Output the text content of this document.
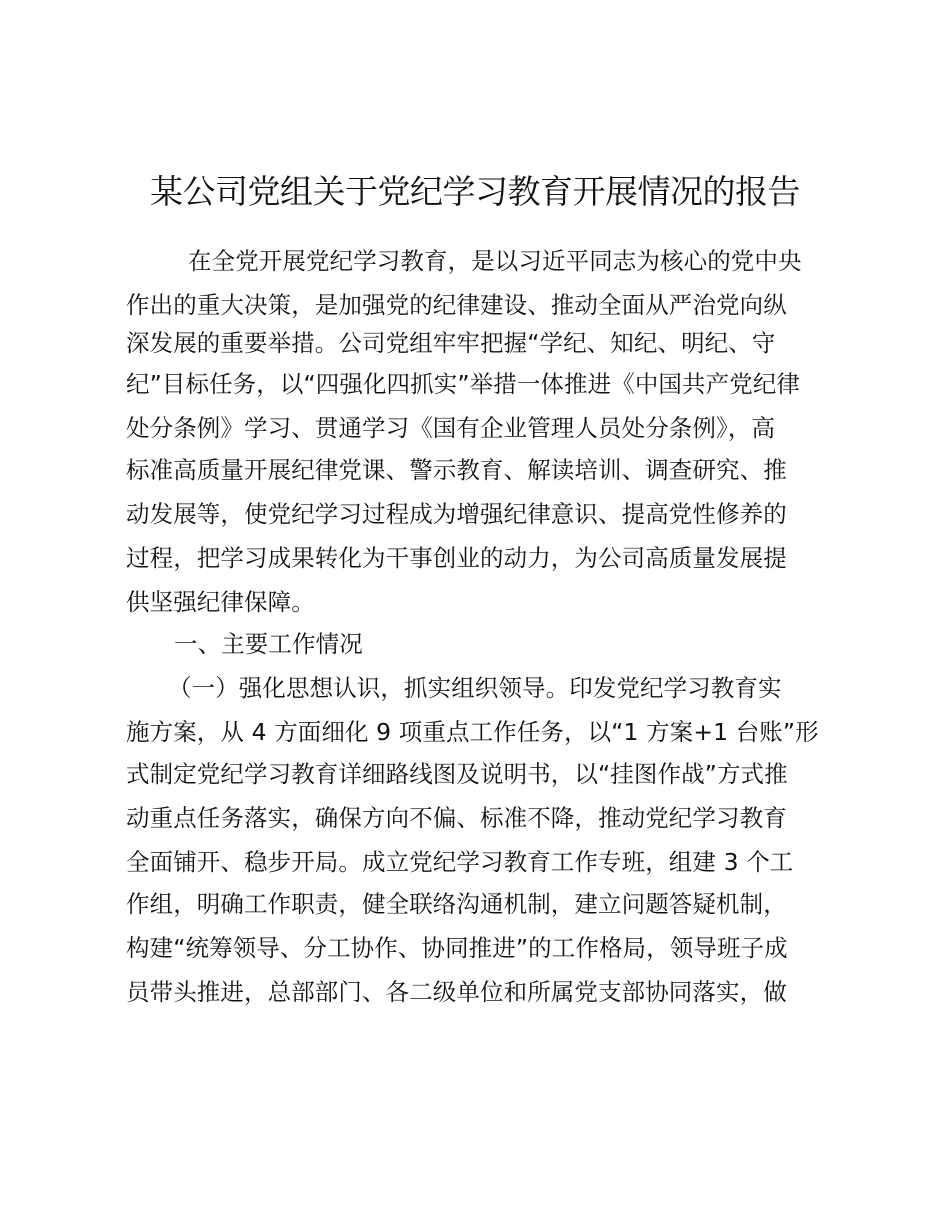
某公司党组关于党纪学习教育开展情况的报告
在全党开展党纪学习教育，是以习近平同志为核心的党中央
作出的重大决策，是加强党的纪律建设、推动全面从严治党向纵
深发展的重要举措。公司党组牢牢把握“学纪、知纪、明纪、守
纪”目标任务，以“四强化四抓实”举措一体推进《中国共产党纪律
处分条例》学习、贯通学习《国有企业管理人员处分条例》，高
标准高质量开展纪律党课、警示教育、解读培训、调查研究、推
动发展等，使党纪学习过程成为增强纪律意识、提高党性修养的
过程，把学习成果转化为干事创业的动力，为公司高质量发展提
供坚强纪律保障。
一、主要工作情况
（一）强化思想认识，抓实组织领导。印发党纪学习教育实
施方案，从 4 方面细化 9 项重点工作任务，以“1 方案+1 台账”形
式制定党纪学习教育详细路线图及说明书，以“挂图作战”方式推
动重点任务落实，确保方向不偏、标准不降，推动党纪学习教育
全面铺开、稳步开局。成立党纪学习教育工作专班，组建 3 个工
作组，明确工作职责，健全联络沟通机制，建立问题答疑机制，
构建“统筹领导、分工协作、协同推进”的工作格局，领导班子成
员带头推进，总部部门、各二级单位和所属党支部协同落实，做
